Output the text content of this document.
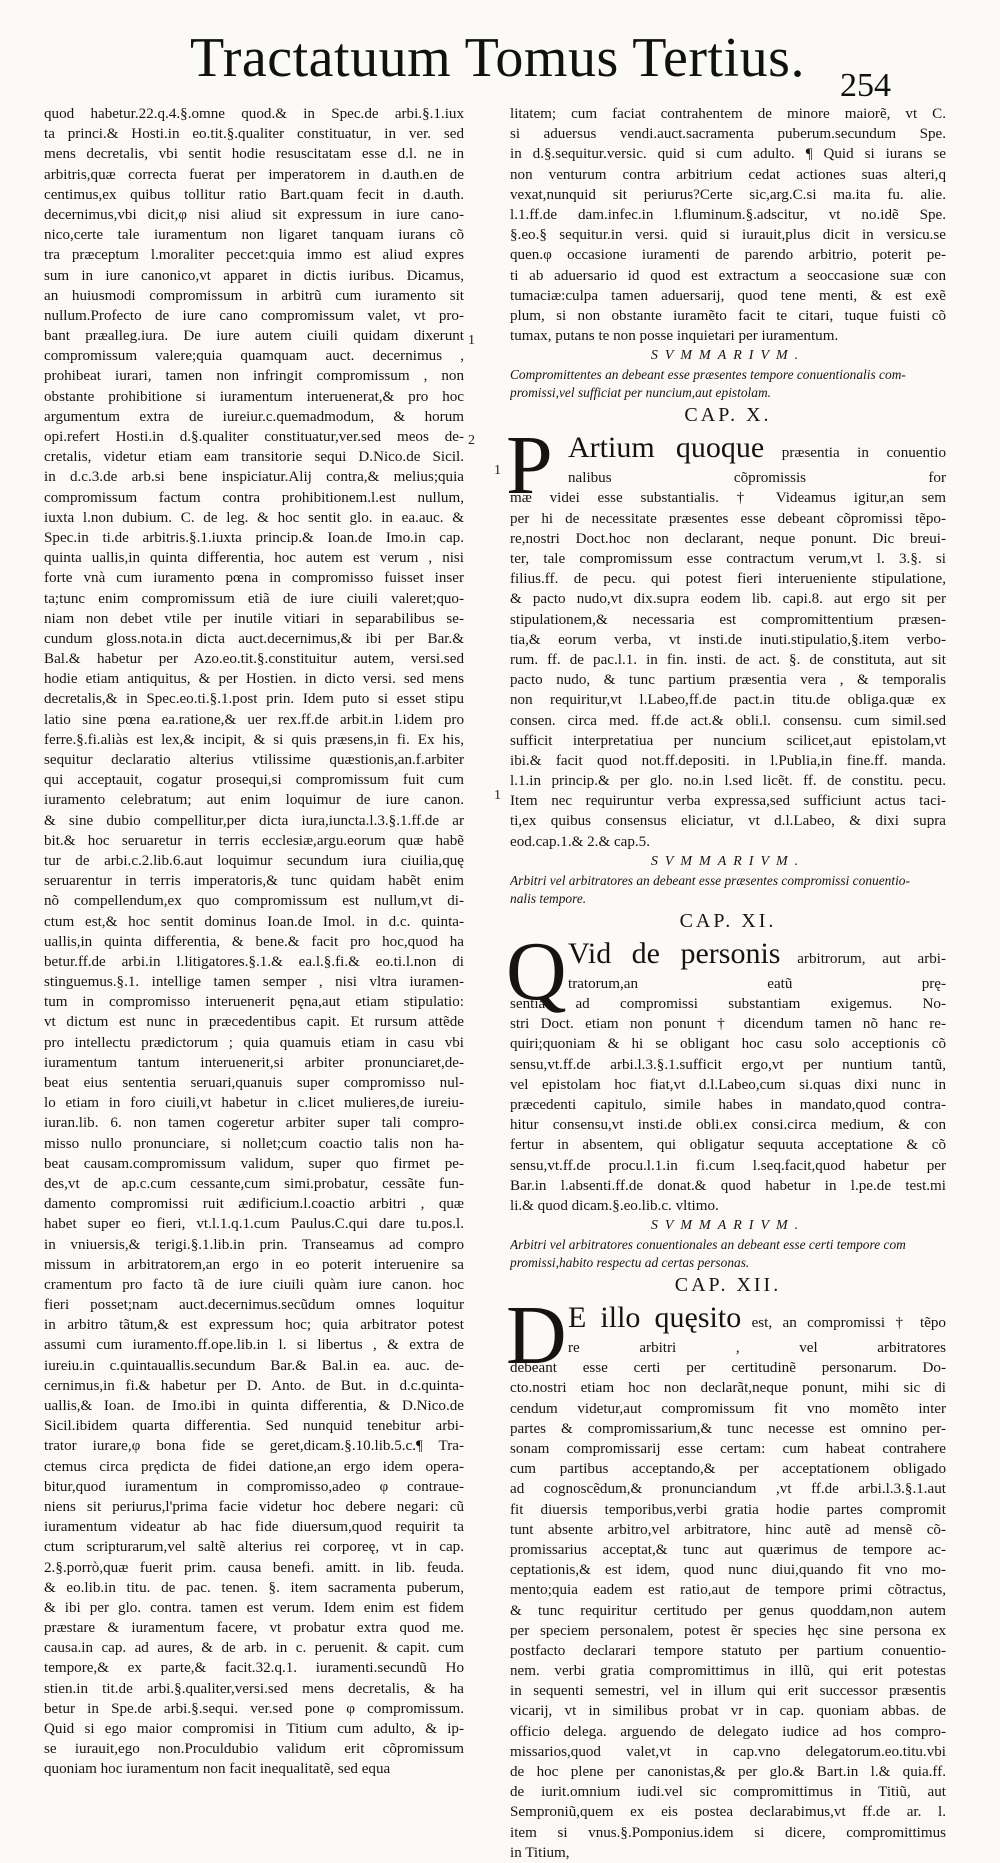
Tractatuum Tomus Tertius. 254
quod habetur.22.q.4.§.omne quod.& in Spec.de arbi.§.1.iux
ta princi.& Hosti.in eo.tit.§.qualiter constituatur, in ver. sed
mens decretalis, vbi sentit hodie resuscitatam esse d.l. ne in
arbitris,quæ correcta fuerat per imperatorem in d.auth.en de
centimus,ex quibus tollitur ratio Bart.quam fecit in d.auth.
decernimus,vbi dicit,φ nisi aliud sit expressum in iure cano-
nico,certe tale iuramentum non ligaret tanquam iurans cõ
tra præceptum l.moraliter peccet:quia immo est aliud expres
sum in iure canonico,vt apparet in dictis iuribus. Dicamus,
an huiusmodi compromissum in arbitrũ cum iuramento sit
nullum.Profecto de iure cano compromissum valet, vt pro-
bant præalleg.iura. De iure autem ciuili quidam dixerunt
compromissum valere;quia quamquam auct. decernimus ,
prohibeat iurari, tamen non infringit compromissum , non
obstante prohibitione si iuramentum interuenerat,& pro hoc
argumentum extra de iureiur.c.quemadmodum, & horum
opi.refert Hosti.in d.§.qualiter constituatur,ver.sed meos de-
cretalis, videtur etiam eam transitorie sequi D.Nico.de Sicil.
in d.c.3.de arb.si bene inspiciatur.Alij contra,& melius;quia
compromissum factum contra prohibitionem.l.est nullum,
iuxta l.non dubium. C. de leg. & hoc sentit glo. in ea.auc. &
Spec.in ti.de arbitris.§.1.iuxta princip.& Ioan.de Imo.in cap.
quinta uallis,in quinta differentia, hoc autem est verum , nisi
forte vnà cum iuramento pœna in compromisso fuisset inser
ta;tunc enim compromissum etiã de iure ciuili valeret;quo-
niam non debet vtile per inutile vitiari in separabilibus se-
cundum gloss.nota.in dicta auct.decernimus,& ibi per Bar.&
Bal.& habetur per Azo.eo.tit.§.constituitur autem, versi.sed
hodie etiam antiquitus, & per Hostien. in dicto versi. sed mens
decretalis,& in Spec.eo.ti.§.1.post prin. Idem puto si esset stipu
latio sine pœna ea.ratione,& uer rex.ff.de arbit.in l.idem pro
ferre.§.fi.aliàs est lex,& incipit, & si quis præsens,in fi. Ex his,
sequitur declaratio alterius vtilissime quæstionis,an.f.arbiter
qui acceptauit, cogatur prosequi,si compromissum fuit cum
iuramento celebratum; aut enim loquimur de iure canon.
& sine dubio compellitur,per dicta iura,iuncta.l.3.§.1.ff.de ar
bit.& hoc seruaretur in terris ecclesiæ,argu.eorum quæ habẽ
tur de arbi.c.2.lib.6.aut loquimur secundum iura ciuilia,quę
seruarentur in terris imperatoris,& tunc quidam habẽt enim
nõ compellendum,ex quo compromissum est nullum,vt di-
ctum est,& hoc sentit dominus Ioan.de Imol. in d.c. quinta-
uallis,in quinta differentia, & bene.& facit pro hoc,quod ha
betur.ff.de arbi.in l.litigatores.§.1.& ea.l.§.fi.& eo.ti.l.non di
stinguemus.§.1. intellige tamen semper , nisi vltra iuramen-
tum in compromisso interuenerit pęna,aut etiam stipulatio:
vt dictum est nunc in præcedentibus capit. Et rursum attẽde
pro intellectu prædictorum ; quia quamuis etiam in casu vbi
iuramentum tantum interuenerit,si arbiter pronunciaret,de-
beat eius sententia seruari,quanuis super compromisso nul-
lo etiam in foro ciuili,vt habetur in c.licet mulieres,de iureiu-
iuran.lib. 6. non tamen cogeretur arbiter super tali compro-
misso nullo pronunciare, si nollet;cum coactio talis non ha-
beat causam.compromissum validum, super quo firmet pe-
des,vt de ap.c.cum cessante,cum simi.probatur, cessãte fun-
damento compromissi ruit ædificium.l.coactio arbitri , quæ
habet super eo fieri, vt.l.1.q.1.cum Paulus.C.qui dare tu.pos.l.
in vniuersis,& terigi.§.1.lib.in prin. Transeamus ad compro
missum in arbitratorem,an ergo in eo poterit interuenire sa
cramentum pro facto tã de iure ciuili quàm iure canon. hoc
fieri posset;nam auct.decernimus.secũdum omnes loquitur
in arbitro tãtum,& est expressum hoc; quia arbitrator potest
assumi cum iuramento.ff.ope.lib.in l. si libertus , & extra de
iureiu.in c.quintauallis.secundum Bar.& Bal.in ea. auc. de-
cernimus,in fi.& habetur per D. Anto. de But. in d.c.quinta-
uallis,& Ioan. de Imo.ibi in quinta differentia, & D.Nico.de
Sicil.ibidem quarta differentia. Sed nunquid tenebitur arbi-
trator iurare,φ bona fide se geret,dicam.§.10.lib.5.c.¶ Tra-
ctemus circa prędicta de fidei datione,an ergo idem opera-
bitur,quod iuramentum in compromisso,adeo φ contraue-
niens sit periurus,l'prima facie videtur hoc debere negari: cũ
iuramentum videatur ab hac fide diuersum,quod requirit ta
ctum scripturarum,vel saltẽ alterius rei corporeę, vt in cap.
2.§.porrò,quæ fuerit prim. causa benefi. amitt. in lib. feuda.
& eo.lib.in titu. de pac. tenen. §. item sacramenta puberum,
& ibi per glo. contra. tamen est verum. Idem enim est fidem
præstare & iuramentum facere, vt probatur extra quod me.
causa.in cap. ad aures, & de arb. in c. peruenit. & capit. cum
tempore,& ex parte,& facit.32.q.1. iuramenti.secundũ Ho
stien.in tit.de arbi.§.qualiter,versi.sed mens decretalis, & ha
betur in Spe.de arbi.§.sequi. ver.sed pone φ compromissum.
Quid si ego maior compromisi in Titium cum adulto, & ip-
se iurauit,ego non.Proculdubio validum erit cõpromissum
quoniam hoc iuramentum non facit inequalitatẽ, sed equa
litatem; cum faciat contrahentem de minore maiorẽ, vt C.
si aduersus vendi.auct.sacramenta puberum.secundum Spe.
in d.§.sequitur.versic. quid si cum adulto. ¶ Quid si iurans se
non venturum contra arbitrium cedat actiones suas alteri,q
vexat,nunquid sit periurus?Certe sic,arg.C.si ma.ita fu. alie.
l.1.ff.de dam.infec.in l.fluminum.§.adscitur, vt no.idẽ Spe.
§.eo.§ sequitur.in versi. quid si iurauit,plus dicit in versicu.se
quen.φ occasione iuramenti de parendo arbitrio, poterit pe-
ti ab aduersario id quod est extractum a seoccasione suæ con
tumaciæ:culpa tamen aduersarij, quod tene menti, & est exẽ
plum, si non obstante iuramẽto facit te citari, tuque fuisti cõ
tumax, putans te non posse inquietari per iuramentum.
SVMMARIVM.
Compromittentes an debeant esse præsentes tempore conuentionalis com-
promissi,vel sufficiat per nuncium,aut epistolam.
CAP. X.
P Artium quoque præsentia in conuentio
nalibus cõpromissis for
mæ videi esse substantialis. † Videamus igitur,an sem
per hi de necessitate præsentes esse debeant cõpromissi tẽpo-
re,nostri Doct.hoc non declarant, neque ponunt. Dic breui-
ter, tale compromissum esse contractum verum,vt l. 3.§. si
filius.ff. de pecu. qui potest fieri interueniente stipulatione,
& pacto nudo,vt dix.supra eodem lib. capi.8. aut ergo sit per
stipulationem,& necessaria est compromittentium præsen-
tia,& eorum verba, vt insti.de inuti.stipulatio,§.item verbo-
rum. ff. de pac.l.1. in fin. insti. de act. §. de constituta, aut sit
pacto nudo, & tunc partium præsentia vera , & temporalis
non requiritur,vt l.Labeo,ff.de pact.in titu.de obliga.quæ ex
consen. circa med. ff.de act.& obli.l. consensu. cum simil.sed
sufficit interpretatiua per nuncium scilicet,aut epistolam,vt
ibi.& facit quod not.ff.depositi. in l.Publia,in fine.ff. manda.
l.1.in princip.& per glo. no.in l.sed licẽt. ff. de constitu. pecu.
Item nec requiruntur verba expressa,sed sufficiunt actus taci-
ti,ex quibus consensus eliciatur, vt d.l.Labeo, & dixi supra
eod.cap.1.& 2.& cap.5.
SVMMARIVM.
Arbitri vel arbitratores an debeant esse præsentes compromissi conuentio-
nalis tempore.
CAP. XI.
Q Vid de personis arbitrorum, aut arbi-
tratorum,an eatũ prę-
sentia ad compromissi substantiam exigemus. No-
stri Doct. etiam non ponunt † dicendum tamen nõ hanc re-
quiri;quoniam & hi se obligant hoc casu solo acceptionis cõ
sensu,vt.ff.de arbi.l.3.§.1.sufficit ergo,vt per nuntium tantũ,
vel epistolam hoc fiat,vt d.l.Labeo,cum si.quas dixi nunc in
præcedenti capitulo, simile habes in mandato,quod contra-
hitur consensu,vt insti.de obli.ex consi.circa medium, & con
fertur in absentem, qui obligatur sequuta acceptatione & cõ
sensu,vt.ff.de procu.l.1.in fi.cum l.seq.facit,quod habetur per
Bar.in l.absenti.ff.de donat.& quod habetur in l.pe.de test.mi
li.& quod dicam.§.eo.lib.c. vltimo.
SVMMARIVM.
Arbitri vel arbitratores conuentionales an debeant esse certi tempore com
promissi,habito respectu ad certas personas.
CAP. XII.
D E illo quęsito est, an compromissi † tẽpo
re arbitri , vel arbitratores
debeant esse certi per certitudinẽ personarum. Do-
cto.nostri etiam hoc non declarãt,neque ponunt, mihi sic di
cendum videtur,aut compromissum fit vno momẽto inter
partes & compromissarium,& tunc necesse est omnino per-
sonam compromissarij esse certam: cum habeat contrahere
cum partibus acceptando,& per acceptationem obligado
ad cognoscẽdum,& pronunciandum ,vt ff.de arbi.l.3.§.1.aut
fit diuersis temporibus,verbi gratia hodie partes compromit
tunt absente arbitro,vel arbitratore, hinc autẽ ad mensẽ cõ-
promissarius acceptat,& tunc aut quærimus de tempore ac-
ceptationis,& est idem, quod nunc diui,quando fit vno mo-
mento;quia eadem est ratio,aut de tempore primi cõtractus,
& tunc requiritur certitudo per genus quoddam,non autem
per speciem personalem, potest ẽr species hęc sine persona ex
postfacto declarari tempore statuto per partium conuentio-
nem. verbi gratia compromittimus in illũ, qui erit potestas
in sequenti semestri, vel in illum qui erit successor præsentis
vicarij, vt in similibus probat vr in cap. quoniam abbas. de
officio delega. arguendo de delegato iudice ad hos compro-
missarios,quod valet,vt in cap.vno delegatorum.eo.titu.vbi
de hoc plene per canonistas,& per glo.& Bart.in l.& quia.ff.
de iurit.omnium iudi.vel sic compromittimus in Titiũ, aut
Semproniũ,quem ex eis postea declarabimus,vt ff.de ar. l.
item si vnus.§.Pomponius.idem si dicere, compromittimus
in Titium,
1
2
1
1
